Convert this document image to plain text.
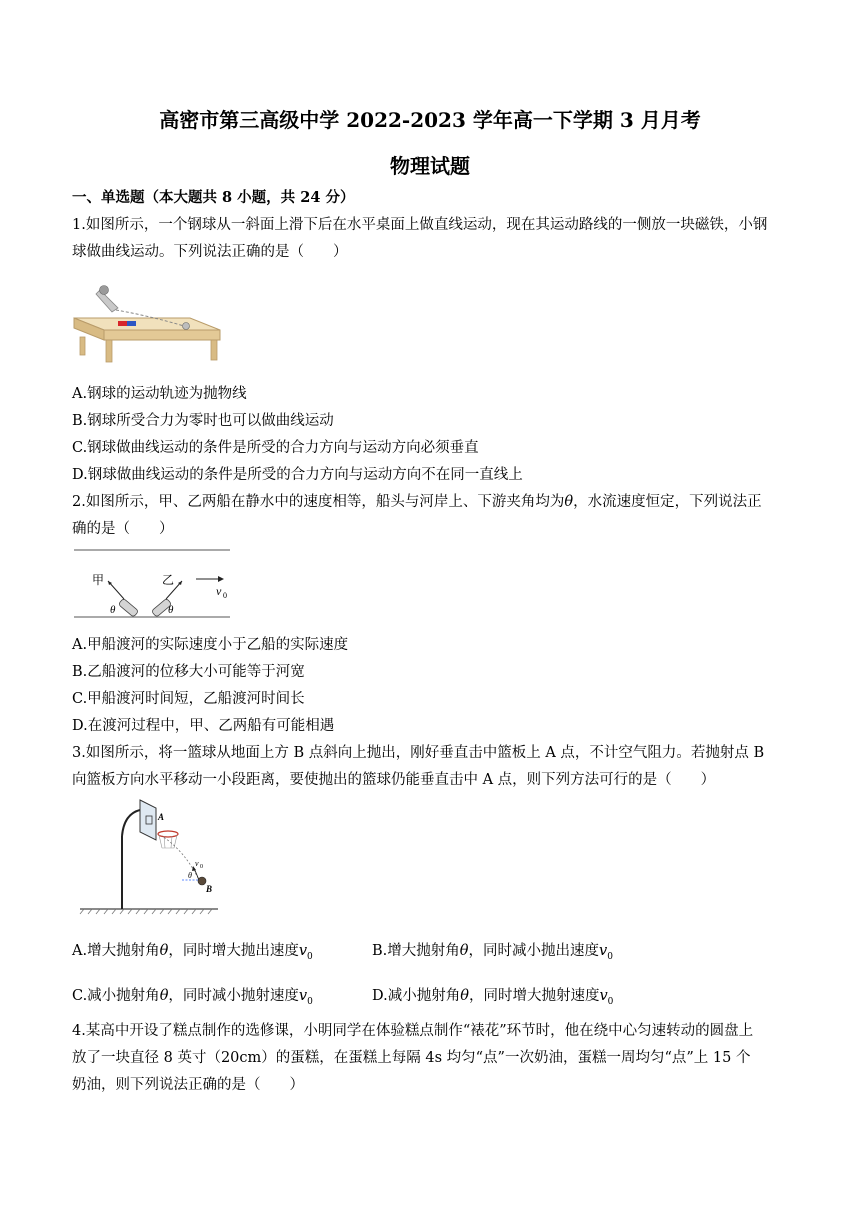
高密市第三高级中学 2022-2023 学年高一下学期 3 月月考
物理试题
一、单选题（本大题共 8 小题，共 24 分）
1.如图所示，一个钢球从一斜面上滑下后在水平桌面上做直线运动，现在其运动路线的一侧放一块磁铁，小钢
球做曲线运动。下列说法正确的是（　　）
A.钢球的运动轨迹为抛物线
B.钢球所受合力为零时也可以做曲线运动
C.钢球做曲线运动的条件是所受的合力方向与运动方向必须垂直
D.钢球做曲线运动的条件是所受的合力方向与运动方向不在同一直线上
2.如图所示，甲、乙两船在静水中的速度相等，船头与河岸上、下游夹角均为θ，水流速度恒定，下列说法正
确的是（　　）
甲	乙
θ	θ
v 0
A.甲船渡河的实际速度小于乙船的实际速度
B.乙船渡河的位移大小可能等于河宽
C.甲船渡河时间短，乙船渡河时间长
D.在渡河过程中，甲、乙两船有可能相遇
3.如图所示，将一篮球从地面上方 B 点斜向上抛出，刚好垂直击中篮板上 A 点，不计空气阻力。若抛射点 B
向篮板方向水平移动一小段距离，要使抛出的篮球仍能垂直击中 A 点，则下列方法可行的是（　　）
A
v 0
θ
B
A.增大抛射角θ，同时增大抛出速度$v_0$	B.增大抛射角θ，同时减小抛出速度$v_0$
C.减小抛射角θ，同时减小抛射速度$v_0$	D.减小抛射角θ，同时增大抛射速度$v_0$
4.某高中开设了糕点制作的选修课，小明同学在体验糕点制作“裱花”环节时，他在绕中心匀速转动的圆盘上
放了一块直径 8 英寸（20cm）的蛋糕，在蛋糕上每隔 4s 均匀“点”一次奶油，蛋糕一周均匀“点”上 15 个
奶油，则下列说法正确的是（　　）
